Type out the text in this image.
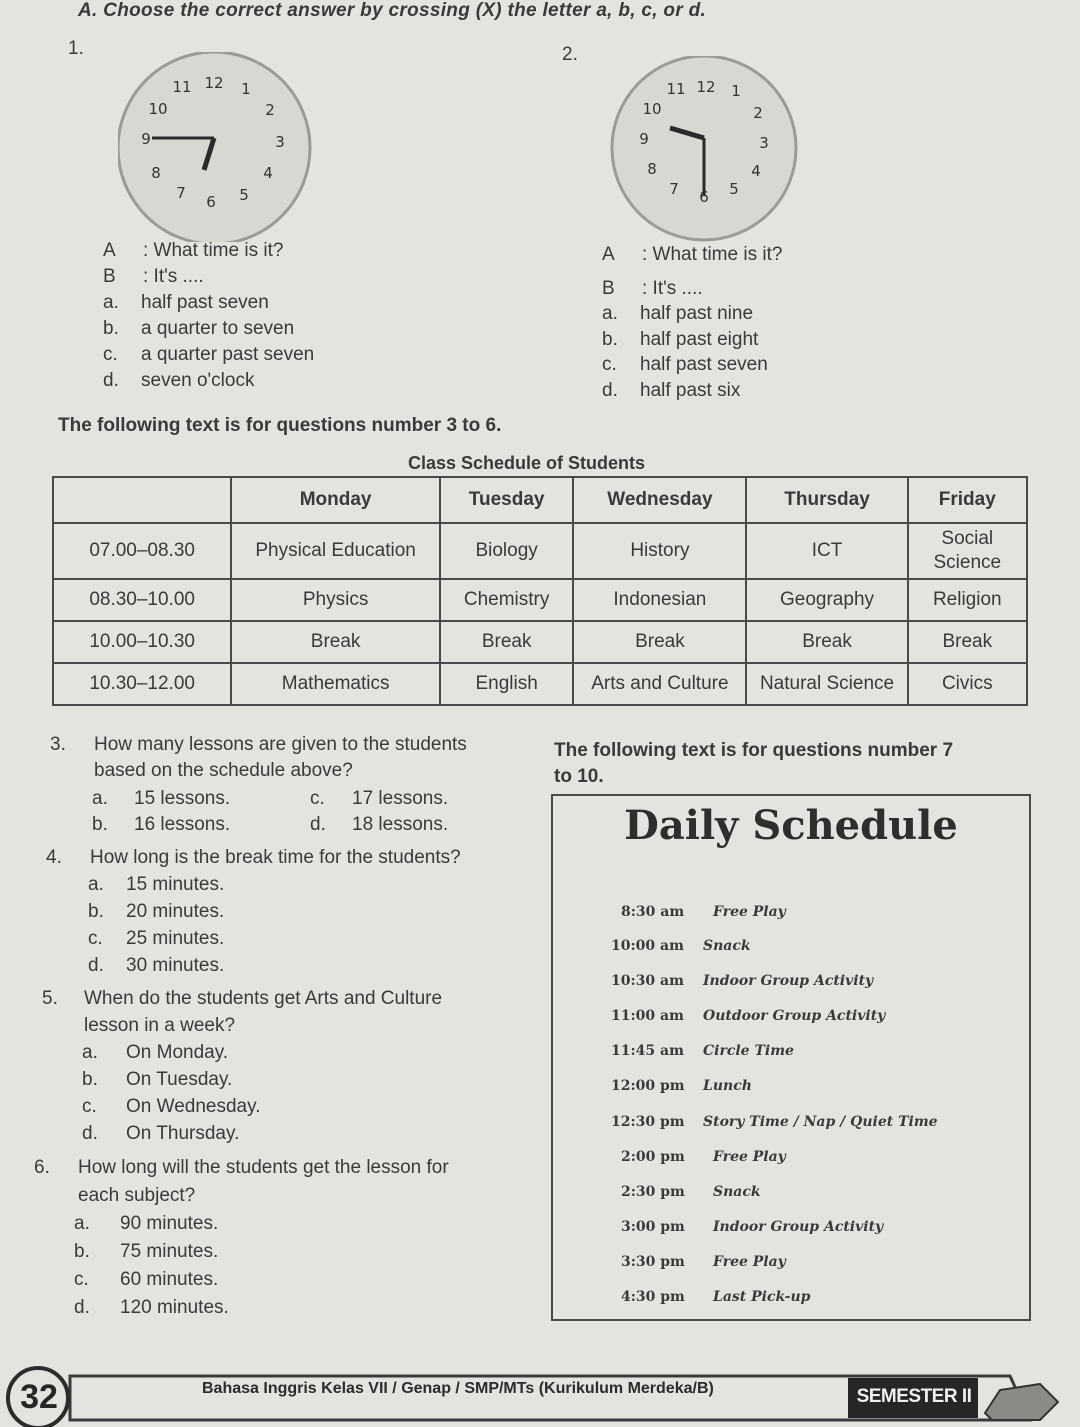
A. Choose the correct answer by crossing (X) the letter a, b, c, or d.
1.
12 1
2
3
4
5
6
7
8
9
10
11
A	: What time is it?
B	: It's ....
a.	half past seven
b.	a quarter to seven
c.	a quarter past seven
d.	seven o'clock
2.
12 1
2
3
4
5
6
7
8
9
10
11
A	: What time is it?
B	: It's ....
a.	half past nine
b.	half past eight
c.	half past seven
d.	half past six
The following text is for questions number 3 to 6.
Class Schedule of Students
	Monday	Tuesday	Wednesday	Thursday	Friday
07.00–08.30	Physical Education	Biology	History	ICT	Social Science
08.30–10.00	Physics	Chemistry	Indonesian	Geography	Religion
10.00–10.30	Break	Break	Break	Break	Break
10.30–12.00	Mathematics	English	Arts and Culture	Natural Science	Civics
3.	How many lessons are given to the students
based on the schedule above?
a.	15 lessons.	c.	17 lessons.
b.	16 lessons.	d.	18 lessons.
4.	How long is the break time for the students?
a.	15 minutes.
b.	20 minutes.
c.	25 minutes.
d.	30 minutes.
5.	When do the students get Arts and Culture
lesson in a week?
a.	On Monday.
b.	On Tuesday.
c.	On Wednesday.
d.	On Thursday.
6.	How long will the students get the lesson for
each subject?
a.	90 minutes.
b.	75 minutes.
c.	60 minutes.
d.	120 minutes.
The following text is for questions number 7
to 10.
Daily Schedule
8:30 am	Free Play
10:00 am	Snack
10:30 am	Indoor Group Activity
11:00 am	Outdoor Group Activity
11:45 am	Circle Time
12:00 pm	Lunch
12:30 pm	Story Time / Nap / Quiet Time
2:00 pm	Free Play
2:30 pm	Snack
3:00 pm	Indoor Group Activity
3:30 pm	Free Play
4:30 pm	Last Pick-up
32	Bahasa Inggris Kelas VII / Genap / SMP/MTs (Kurikulum Merdeka/B)	SEMESTER II
